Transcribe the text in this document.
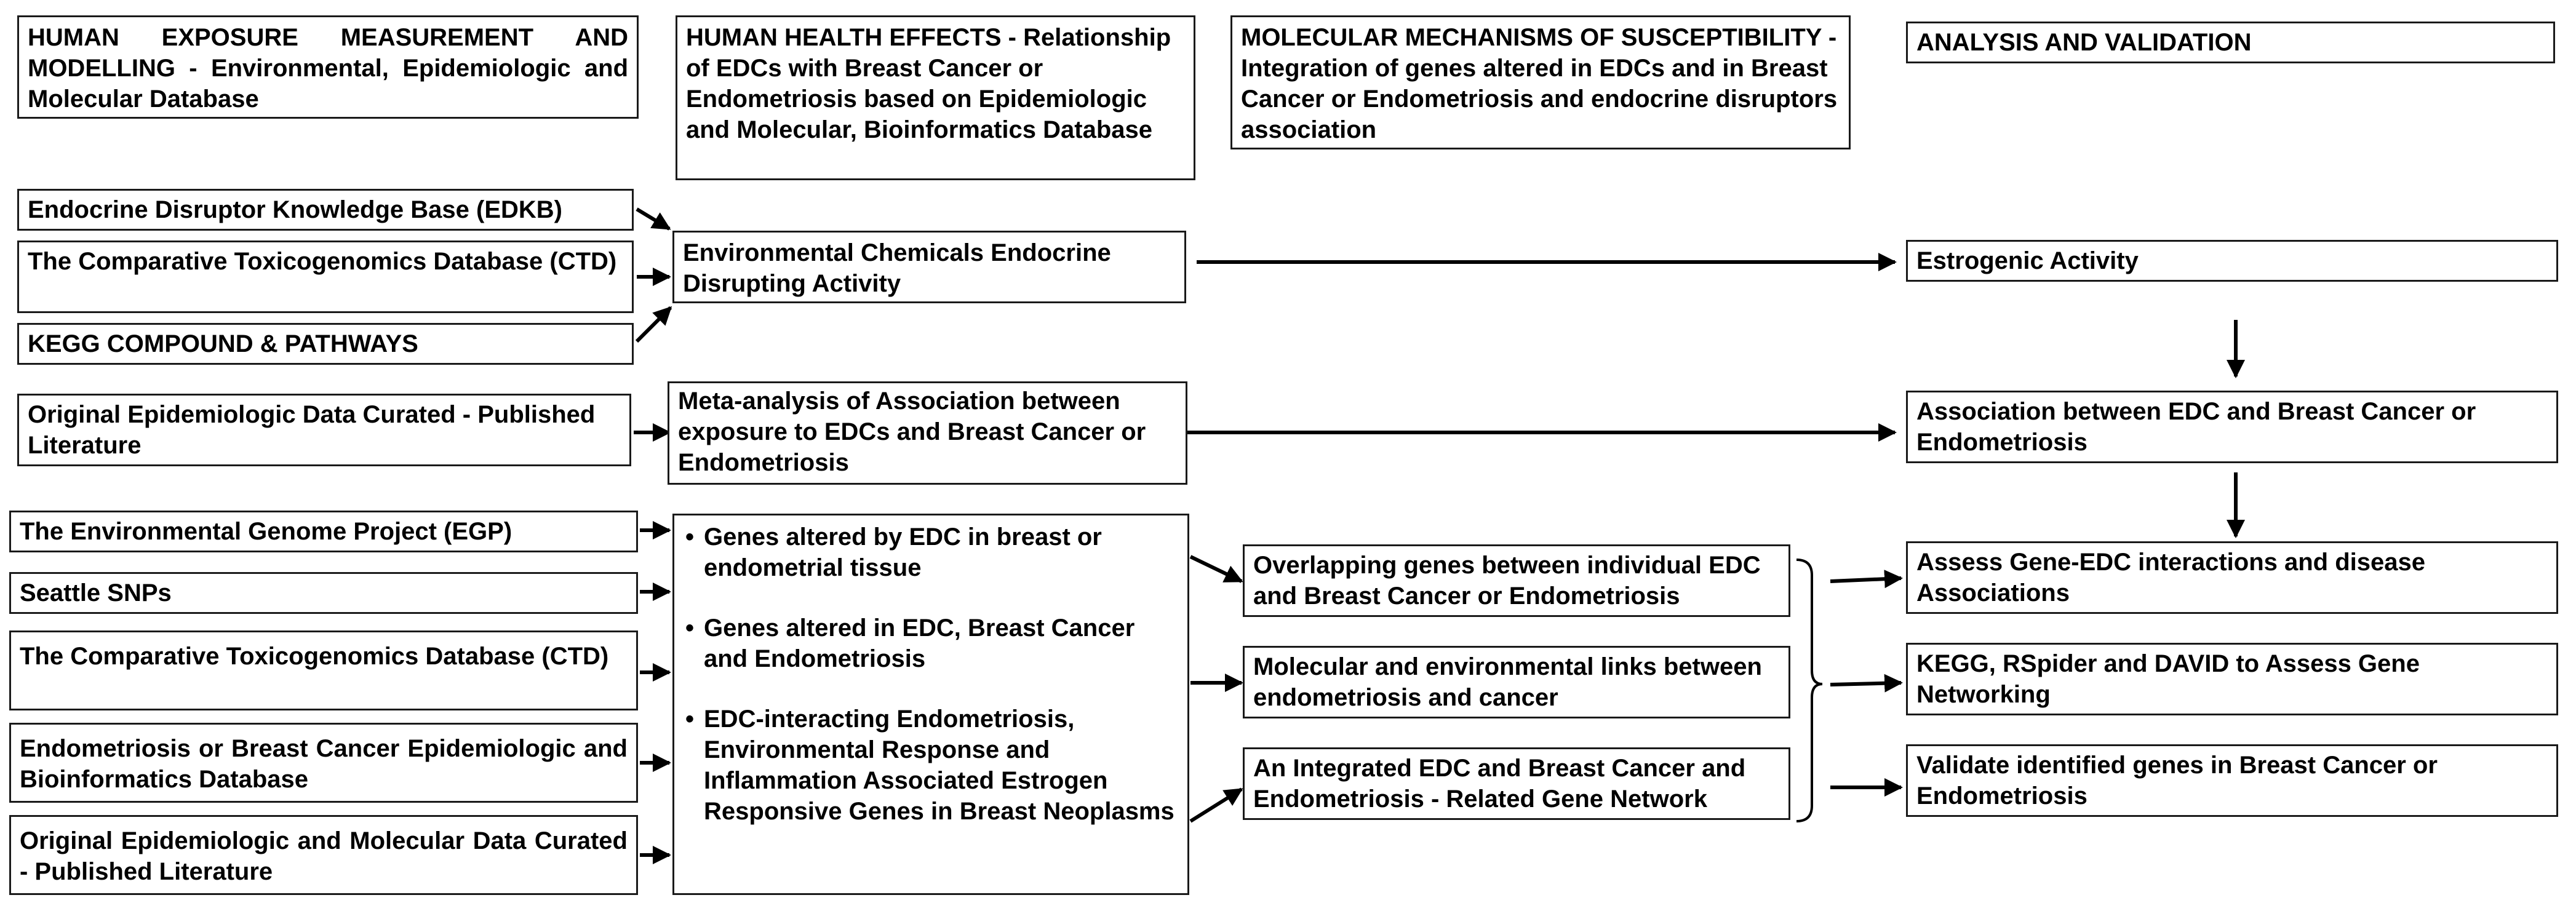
HUMAN EXPOSURE MEASUREMENT AND MODELLING - Environmental, Epidemiologic and Molecular Database
HUMAN HEALTH EFFECTS - Relationship of EDCs with Breast Cancer or Endometriosis based on Epidemiologic and Molecular, Bioinformatics Database
MOLECULAR MECHANISMS OF SUSCEPTIBILITY - Integration of genes altered in EDCs and in Breast Cancer or Endometriosis and endocrine disruptors association
ANALYSIS AND VALIDATION
Endocrine Disruptor Knowledge Base (EDKB)
The Comparative Toxicogenomics Database (CTD)
KEGG COMPOUND & PATHWAYS
Original Epidemiologic Data Curated - Published Literature
The Environmental Genome Project (EGP)
Seattle SNPs
The Comparative Toxicogenomics Database (CTD)
Endometriosis or Breast Cancer Epidemiologic and Bioinformatics Database
Original Epidemiologic and Molecular Data Curated - Published Literature
Environmental Chemicals Endocrine Disrupting Activity
Meta-analysis of Association between exposure to EDCs and Breast Cancer or Endometriosis
• Genes altered by EDC in breast or endometrial tissue
• Genes altered in EDC, Breast Cancer and Endometriosis
• EDC-interacting Endometriosis, Environmental Response and Inflammation Associated Estrogen Responsive Genes in Breast Neoplasms
Overlapping genes between individual EDC and Breast Cancer or Endometriosis
Molecular and environmental links between endometriosis and cancer
An Integrated EDC and Breast Cancer and Endometriosis - Related Gene Network
Estrogenic Activity
Association between EDC and Breast Cancer or Endometriosis
Assess Gene-EDC interactions and disease Associations
KEGG, RSpider and DAVID to Assess Gene Networking
Validate identified genes in Breast Cancer or Endometriosis
